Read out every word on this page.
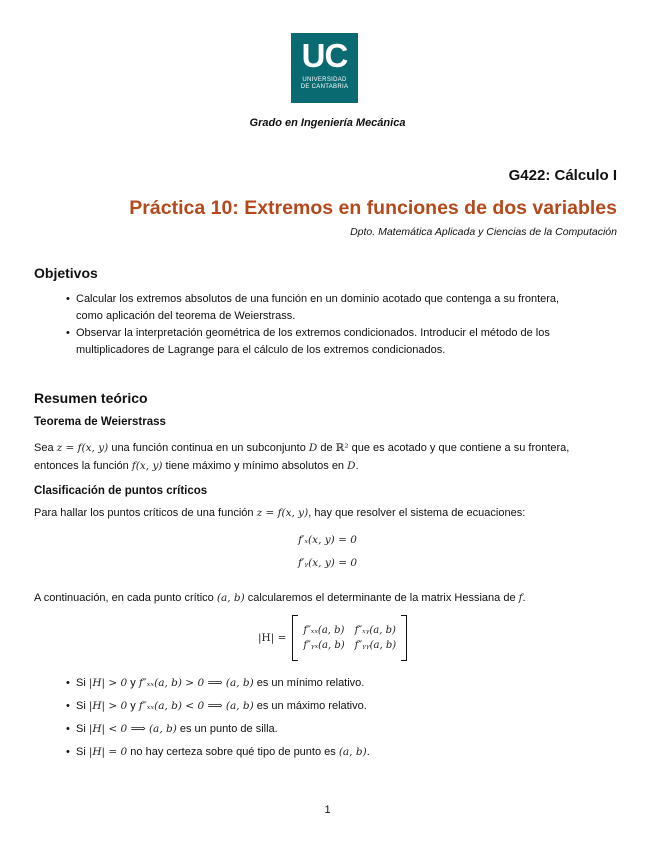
UC
UNIVERSIDAD
DE CANTABRIA
Grado en Ingeniería Mecánica
G422: Cálculo I
Práctica 10: Extremos en funciones de dos variables
Dpto. Matemática Aplicada y Ciencias de la Computación
Objetivos
• Calcular los extremos absolutos de una función en un dominio acotado que contenga a su frontera,
como aplicación del teorema de Weierstrass.
• Observar la interpretación geométrica de los extremos condicionados. Introducir el método de los
multiplicadores de Lagrange para el cálculo de los extremos condicionados.
Resumen teórico
Teorema de Weierstrass
Sea z = f(x, y) una función continua en un subconjunto D de ℝ² que es acotado y que contiene a su frontera,
entonces la función f(x, y) tiene máximo y mínimo absolutos en D.
Clasificación de puntos críticos
Para hallar los puntos críticos de una función z = f(x, y), hay que resolver el sistema de ecuaciones:
f′ₓ(x, y) = 0
f′ᵧ(x, y) = 0
A continuación, en cada punto crítico (a, b) calcularemos el determinante de la matrix Hessiana de f.
|H| =
f″ₓₓ(a, b)	f″ₓᵧ(a, b)
f″ᵧₓ(a, b)	f″ᵧᵧ(a, b)
• Si |H| > 0 y f″ₓₓ(a, b) > 0 ⟹ (a, b) es un mínimo relativo.
• Si |H| > 0 y f″ₓₓ(a, b) < 0 ⟹ (a, b) es un máximo relativo.
• Si |H| < 0 ⟹ (a, b) es un punto de silla.
• Si |H| = 0 no hay certeza sobre qué tipo de punto es (a, b).
1
